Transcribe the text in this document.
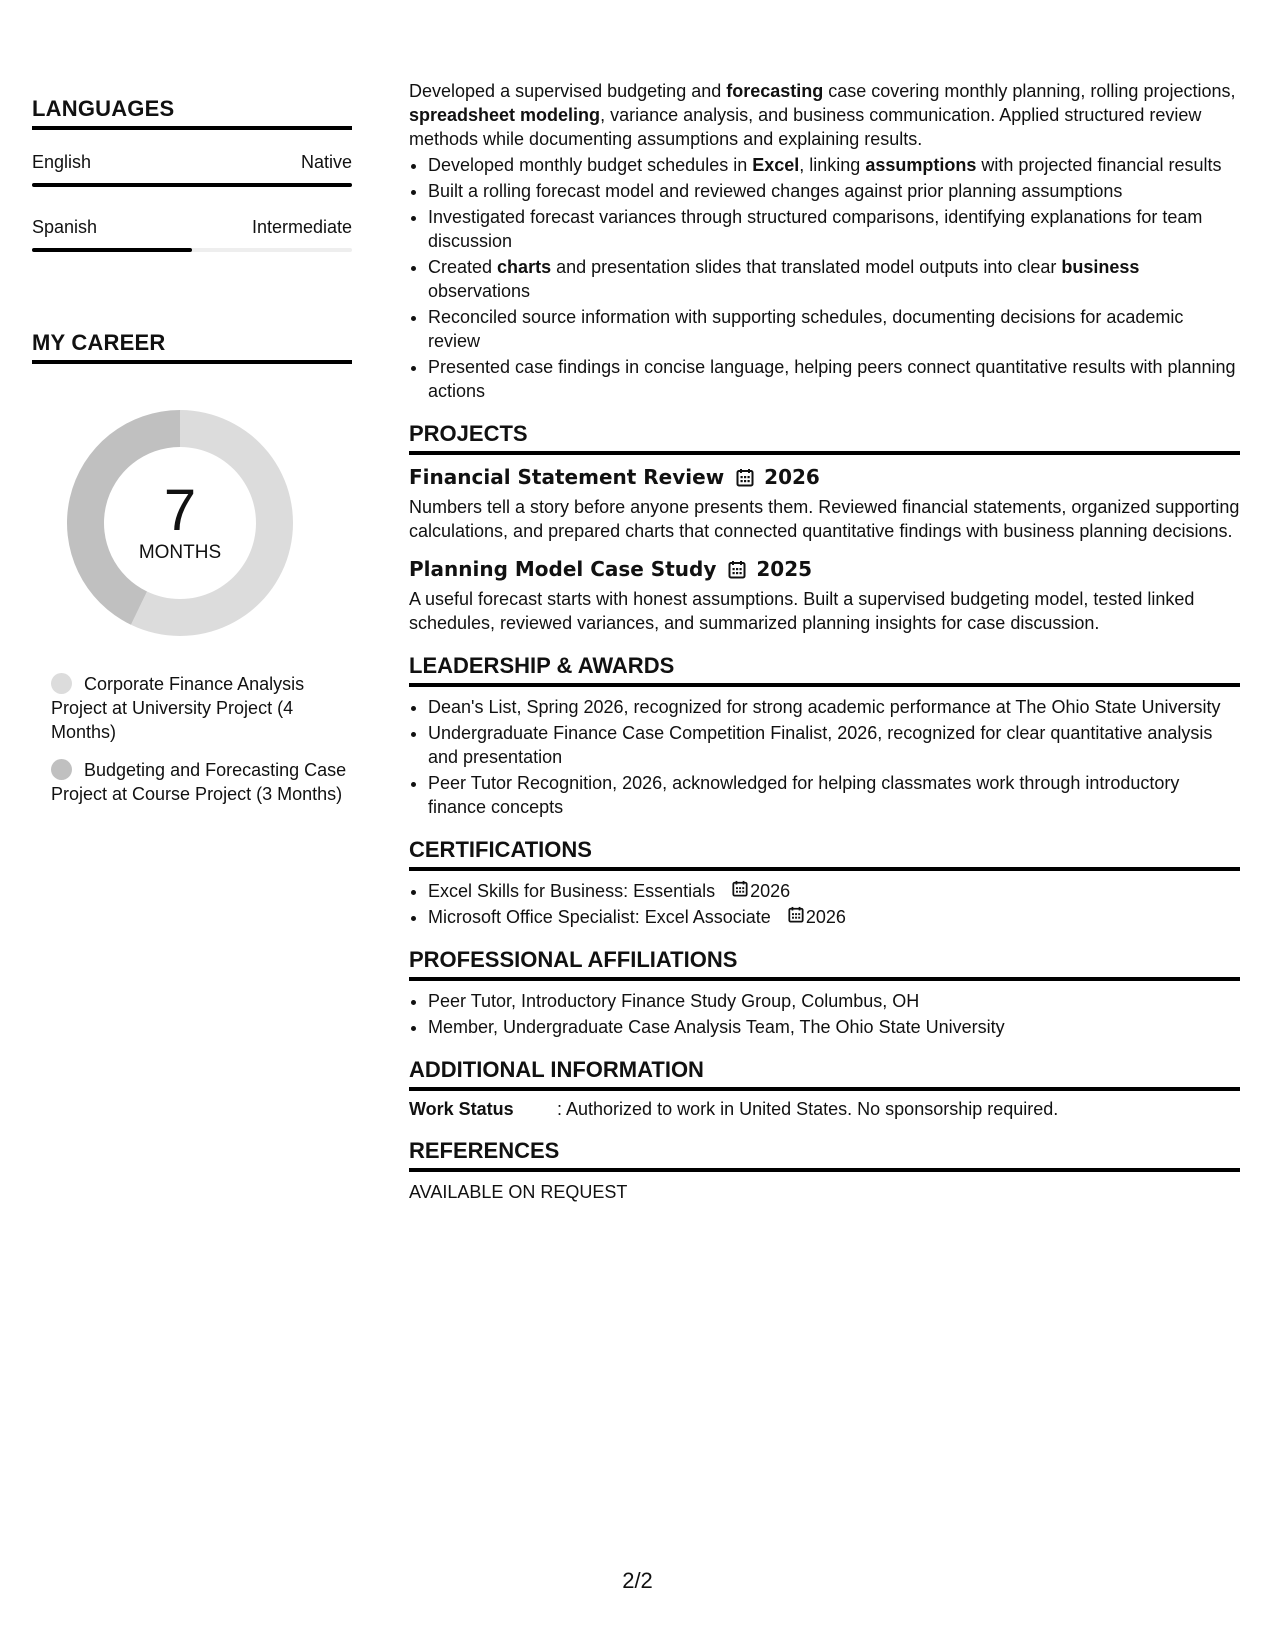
LANGUAGES
English	Native
Spanish	Intermediate
MY CAREER
7
MONTHS
Corporate Finance Analysis Project at University Project (4 Months)
Budgeting and Forecasting Case Project at Course Project (3 Months)

Developed a supervised budgeting and forecasting case covering monthly planning, rolling projections, spreadsheet modeling, variance analysis, and business communication. Applied structured review methods while documenting assumptions and explaining results.

• Developed monthly budget schedules in Excel, linking assumptions with projected financial results
• Built a rolling forecast model and reviewed changes against prior planning assumptions
• Investigated forecast variances through structured comparisons, identifying explanations for team discussion
• Created charts and presentation slides that translated model outputs into clear business observations
• Reconciled source information with supporting schedules, documenting decisions for academic review
• Presented case findings in concise language, helping peers connect quantitative results with planning actions
PROJECTS
Financial Statement Review 2026

Numbers tell a story before anyone presents them. Reviewed financial statements, organized supporting calculations, and prepared charts that connected quantitative findings with business planning decisions.

Planning Model Case Study 2025

A useful forecast starts with honest assumptions. Built a supervised budgeting model, tested linked schedules, reviewed variances, and summarized planning insights for case discussion.

LEADERSHIP & AWARDS
• Dean's List, Spring 2026, recognized for strong academic performance at The Ohio State University
• Undergraduate Finance Case Competition Finalist, 2026, recognized for clear quantitative analysis and presentation
• Peer Tutor Recognition, 2026, acknowledged for helping classmates work through introductory finance concepts
CERTIFICATIONS
• Excel Skills for Business: Essentials 2026
• Microsoft Office Specialist: Excel Associate 2026
PROFESSIONAL AFFILIATIONS
• Peer Tutor, Introductory Finance Study Group, Columbus, OH
• Member, Undergraduate Case Analysis Team, The Ohio State University
ADDITIONAL INFORMATION
Work Status	: Authorized to work in United States. No sponsorship required.
REFERENCES
AVAILABLE ON REQUEST
2/2
